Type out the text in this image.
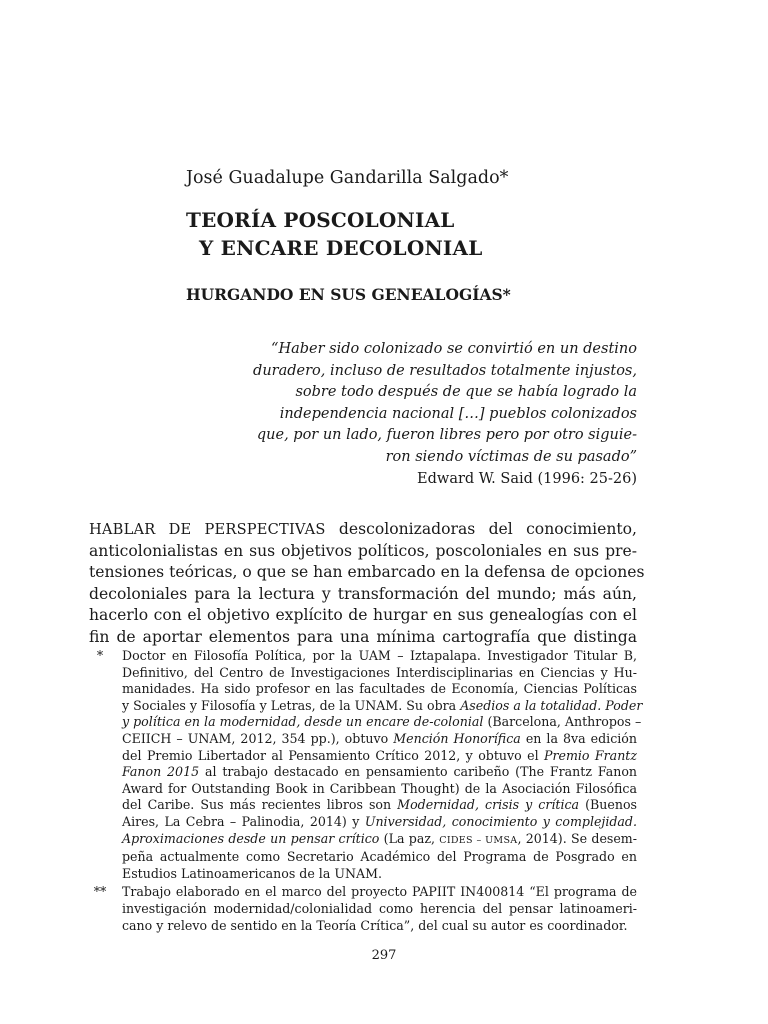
José Guadalupe Gandarilla Salgado*
TEORÍA POSCOLONIAL
Y ENCARE DECOLONIAL
HURGANDO EN SUS GENEALOGÍAS*
“Haber sido colonizado se convirtió en un destino
duradero, incluso de resultados totalmente injustos,
sobre todo después de que se había logrado la
independencia nacional […] pueblos colonizados
que, por un lado, fueron libres pero por otro siguie-
ron siendo víctimas de su pasado”
Edward W. Said (1996: 25-26)
HABLAR DE PERSPECTIVAS descolonizadoras del conocimiento,
anticolonialistas en sus objetivos políticos, poscoloniales en sus pre-
tensiones teóricas, o que se han embarcado en la defensa de opciones
decoloniales para la lectura y transformación del mundo; más aún,
hacerlo con el objetivo explícito de hurgar en sus genealogías con el
fin de aportar elementos para una mínima cartografía que distinga
*	Doctor en Filosofía Política, por la UAM – Iztapalapa. Investigador Titular B,
Definitivo, del Centro de Investigaciones Interdisciplinarias en Ciencias y Hu-
manidades. Ha sido profesor en las facultades de Economía, Ciencias Políticas
y Sociales y Filosofía y Letras, de la UNAM. Su obra Asedios a la totalidad. Poder
y política en la modernidad, desde un encare de-colonial (Barcelona, Anthropos –
CEIICH – UNAM, 2012, 354 pp.), obtuvo Mención Honorífica en la 8va edición
del Premio Libertador al Pensamiento Crítico 2012, y obtuvo el Premio Frantz
Fanon 2015 al trabajo destacado en pensamiento caribeño (The Frantz Fanon
Award for Outstanding Book in Caribbean Thought) de la Asociación Filosófica
del Caribe. Sus más recientes libros son Modernidad, crisis y crítica (Buenos
Aires, La Cebra – Palinodia, 2014) y Universidad, conocimiento y complejidad.
Aproximaciones desde un pensar crítico (La paz, CIDES – UMSA, 2014). Se desem-
peña actualmente como Secretario Académico del Programa de Posgrado en
Estudios Latinoamericanos de la UNAM.
**	Trabajo elaborado en el marco del proyecto PAPIIT IN400814 “El programa de
investigación modernidad/colonialidad como herencia del pensar latinoameri-
cano y relevo de sentido en la Teoría Crítica”, del cual su autor es coordinador.
297
